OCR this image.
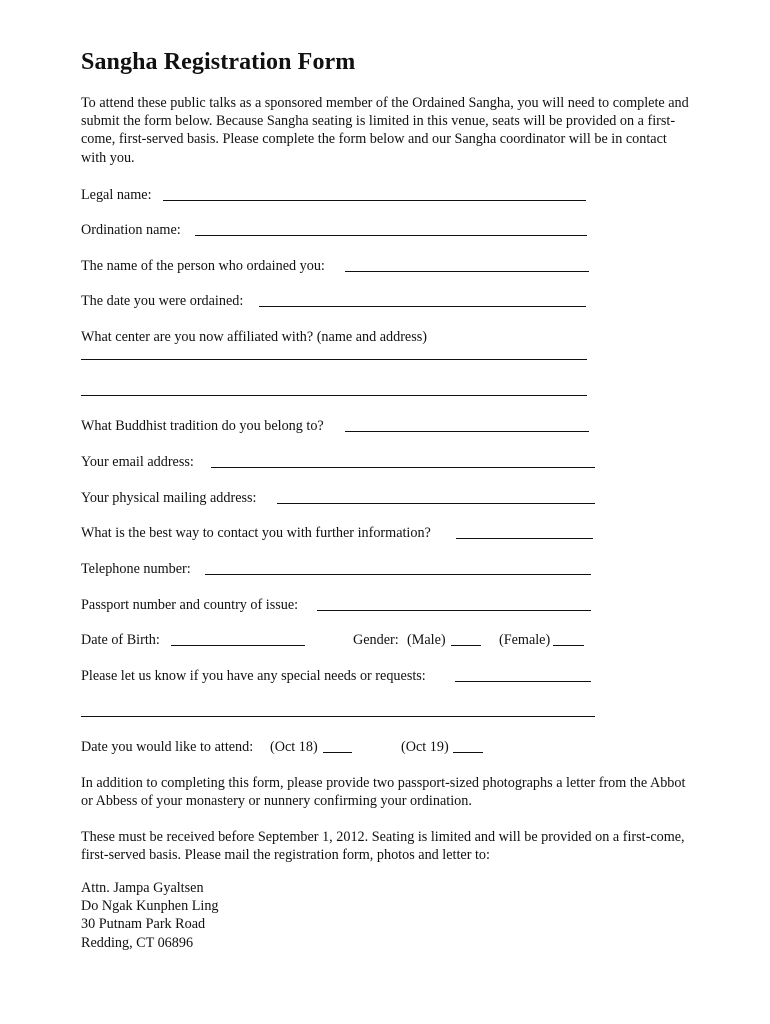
Sangha Registration Form

To attend these public talks as a sponsored member of the Ordained Sangha, you will need to complete and submit the form below. Because Sangha seating is limited in this venue, seats will be provided on a first-come, first-served basis. Please complete the form below and our Sangha coordinator will be in contact with you.

Legal name:
Ordination name:
The name of the person who ordained you:
The date you were ordained:
What center are you now affiliated with? (name and address)
What Buddhist tradition do you belong to?
Your email address:
Your physical mailing address:
What is the best way to contact you with further information?
Telephone number:
Passport number and country of issue:
Date of Birth:	Gender: (Male)	(Female)
Please let us know if you have any special needs or requests:
Date you would like to attend: (Oct 18)	(Oct 19)

In addition to completing this form, please provide two passport-sized photographs a letter from the Abbot or Abbess of your monastery or nunnery confirming your ordination.

These must be received before September 1, 2012. Seating is limited and will be provided on a first-come, first-served basis. Please mail the registration form, photos and letter to:

Attn. Jampa Gyaltsen
Do Ngak Kunphen Ling
30 Putnam Park Road
Redding, CT 06896
